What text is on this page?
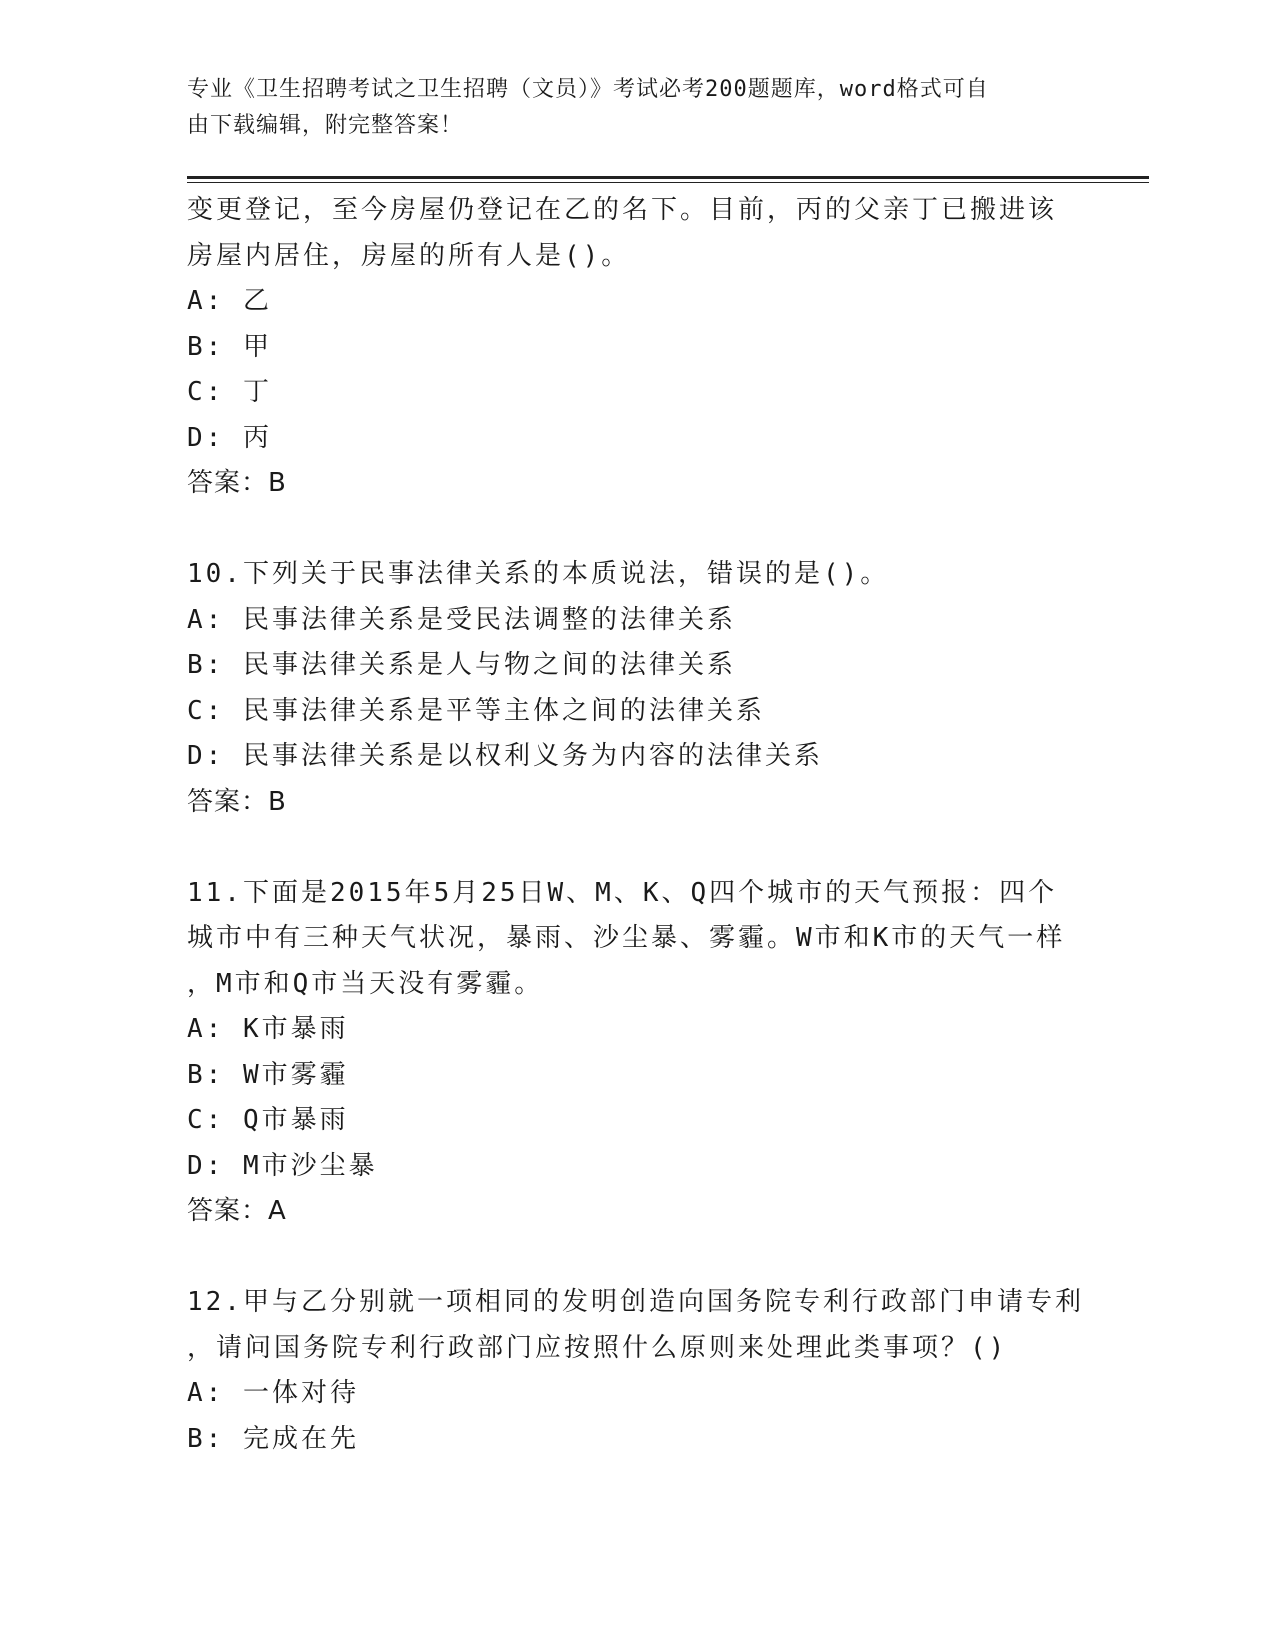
专业《卫生招聘考试之卫生招聘（文员）》考试必考200题题库，word格式可自
由下载编辑，附完整答案！
变更登记，至今房屋仍登记在乙的名下。目前，丙的父亲丁已搬进该
房屋内居住，房屋的所有人是()。
A: 乙
B: 甲
C: 丁
D: 丙
答案：B
10.下列关于民事法律关系的本质说法，错误的是()。
A: 民事法律关系是受民法调整的法律关系
B: 民事法律关系是人与物之间的法律关系
C: 民事法律关系是平等主体之间的法律关系
D: 民事法律关系是以权利义务为内容的法律关系
答案：B
11.下面是2015年5月25日W、M、K、Q四个城市的天气预报：四个
城市中有三种天气状况，暴雨、沙尘暴、雾霾。W市和K市的天气一样
，M市和Q市当天没有雾霾。
A: K市暴雨
B: W市雾霾
C: Q市暴雨
D: M市沙尘暴
答案：A
12.甲与乙分别就一项相同的发明创造向国务院专利行政部门申请专利
，请问国务院专利行政部门应按照什么原则来处理此类事项？()
A: 一体对待
B: 完成在先
